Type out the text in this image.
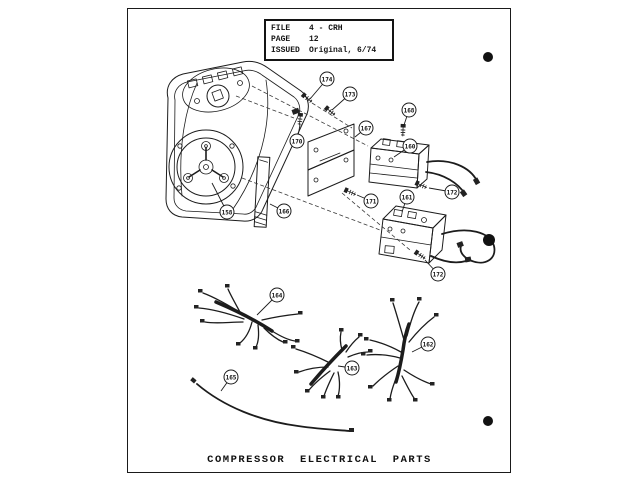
FILE	4 - CRH
PAGE	12
ISSUED	Original, 6/74
174
173
170
167
168
160
171
161
172
172
158	166
164
163
162
165
COMPRESSOR ELECTRICAL PARTS
